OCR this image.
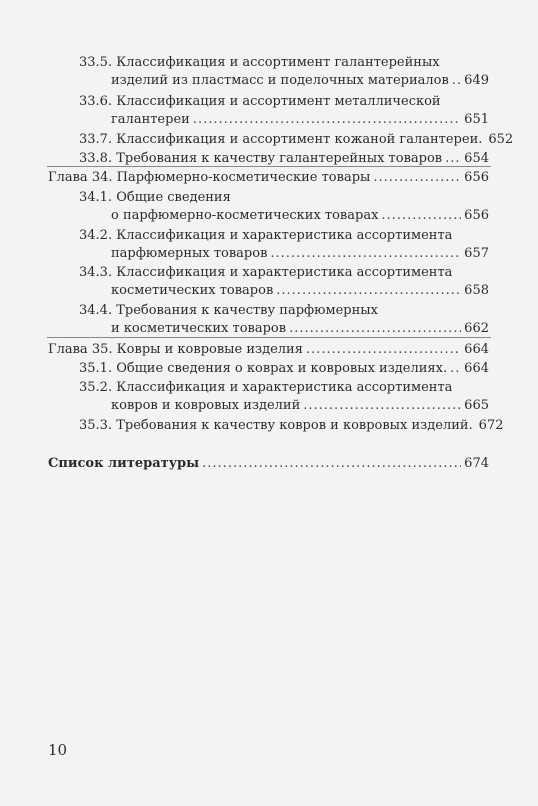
33.5. Классификация и ассортимент галантерейных
изделий из пластмасс и поделочных материалов ..... 649
33.6. Классификация и ассортимент металлической
галантереи .....	651
33.7. Классификация и ассортимент кожаной галантереи. 652
33.8. Требования к качеству галантерейных товаров ..... 654
Глава 34. Парфюмерно-косметические товары .....	656
34.1. Общие сведения
о парфюмерно-косметических товарах .....	656
34.2. Классификация и характеристика ассортимента
парфюмерных товаров .....	657
34.3. Классификация и характеристика ассортимента
косметических товаров .....	658
34.4. Требования к качеству парфюмерных
и косметических товаров .....	662
Глава 35. Ковры и ковровые изделия .....	664
35.1. Общие сведения о коврах и ковровых изделиях. ..... 664
35.2. Классификация и характеристика ассортимента
ковров и ковровых изделий .....	665
35.3. Требования к качеству ковров и ковровых изделий. 672
Список литературы .....	674
10
